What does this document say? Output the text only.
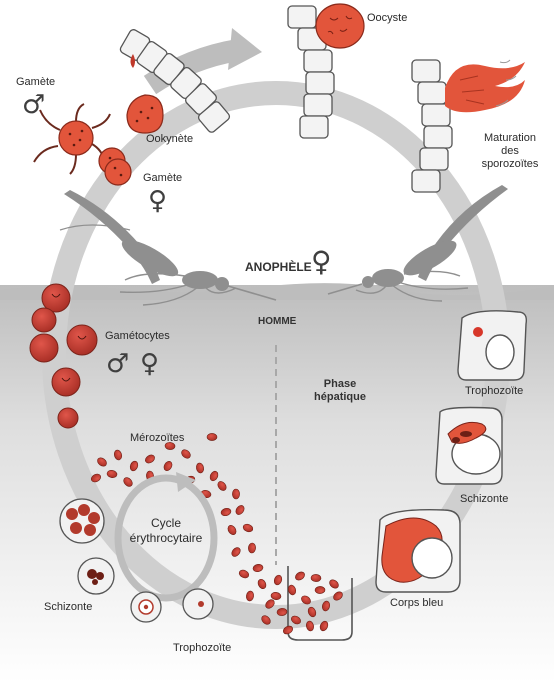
Oocyste
Gamète
♂
Ookynète
Gamète
♀
Maturation
des
sporozoïtes
ANOPHÈLE ♀
HOMME
Gamétocytes
♂ ♀
Phase
hépatique	Trophozoïte
Mérozoïtes
Schizonte
Cycle
érythrocytaire
Corps bleu
Schizonte
Trophozoïte
